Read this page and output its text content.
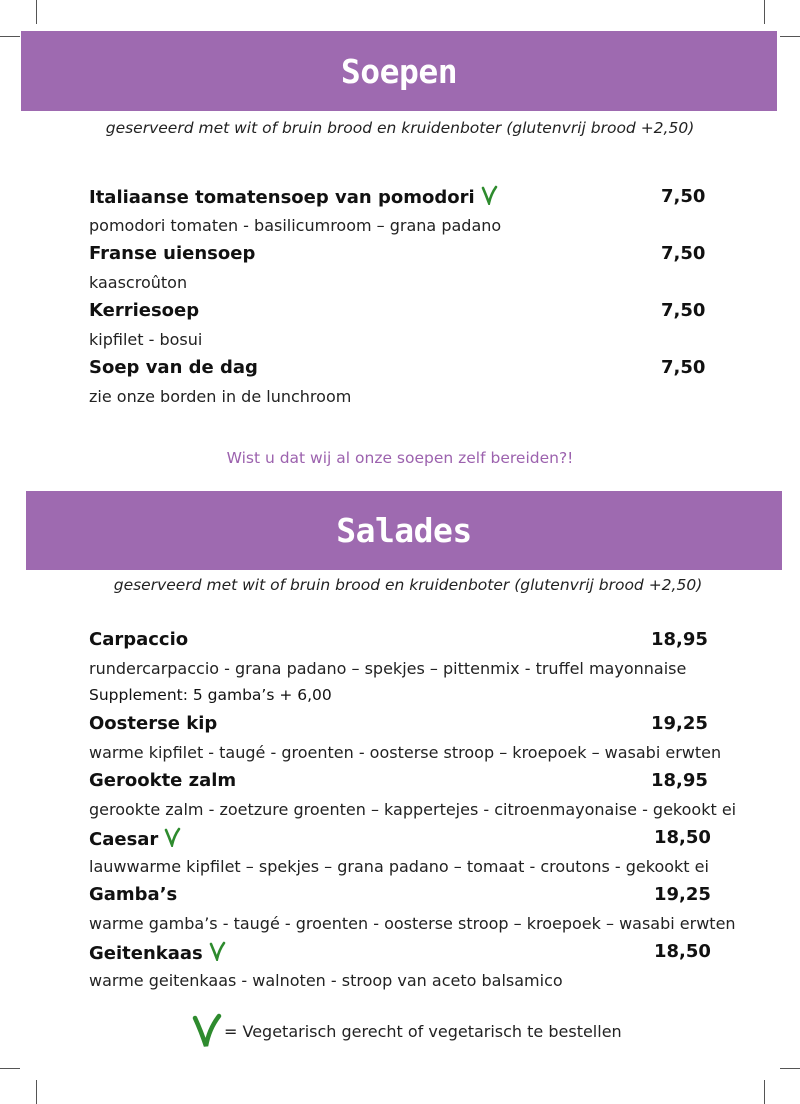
Soepen
geserveerd met wit of bruin brood en kruidenboter (glutenvrij brood +2,50)
Italiaanse tomatensoep van pomodori	7,50
pomodori tomaten - basilicumroom – grana padano
Franse uiensoep	7,50
kaascroûton
Kerriesoep	7,50
kipfilet - bosui
Soep van de dag	7,50
zie onze borden in de lunchroom
Wist u dat wij al onze soepen zelf bereiden?!
Salades
geserveerd met wit of bruin brood en kruidenboter (glutenvrij brood +2,50)
Carpaccio	18,95
rundercarpaccio - grana padano – spekjes – pittenmix - truffel mayonnaise
Supplement: 5 gamba’s + 6,00
Oosterse kip	19,25
warme kipfilet - taugé - groenten - oosterse stroop – kroepoek – wasabi erwten
Gerookte zalm	18,95
gerookte zalm - zoetzure groenten – kappertejes - citroenmayonaise - gekookt ei
Caesar	18,50
lauwwarme kipfilet – spekjes – grana padano – tomaat - croutons - gekookt ei
Gamba’s	19,25
warme gamba’s - taugé - groenten - oosterse stroop – kroepoek – wasabi erwten
Geitenkaas	18,50
warme geitenkaas - walnoten - stroop van aceto balsamico
= Vegetarisch gerecht of vegetarisch te bestellen
